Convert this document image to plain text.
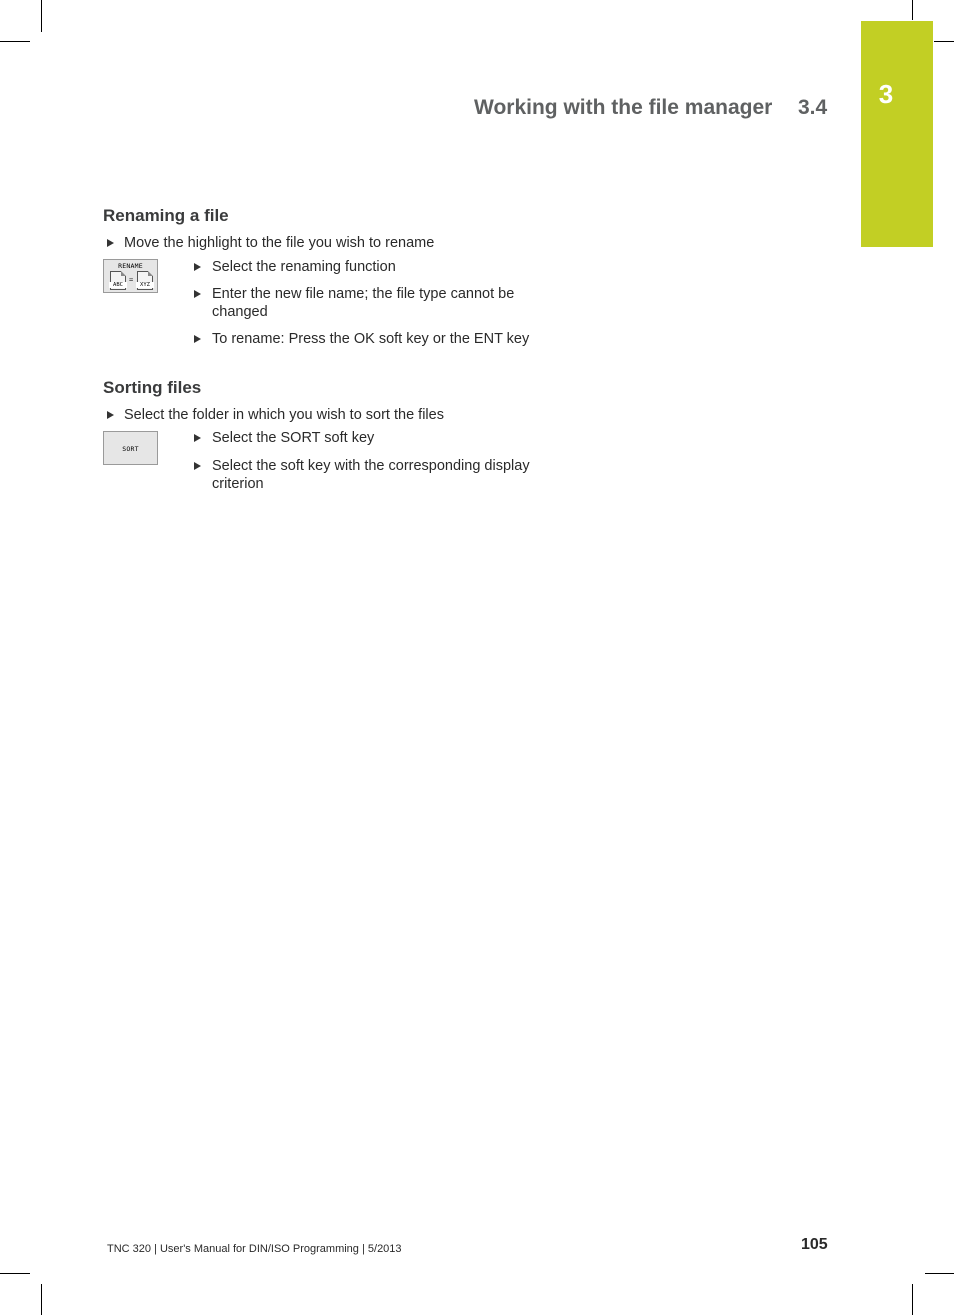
3
Working with the file manager 3.4
Renaming a file
Move the highlight to the file you wish to rename
RENAME
ABC
=
XYZ
Select the renaming function
Enter the new file name; the file type cannot be changed
To rename: Press the OK soft key or the ENT key
Sorting files
Select the folder in which you wish to sort the files
SORT
Select the SORT soft key
Select the soft key with the corresponding display criterion
TNC 320 | User's Manual for DIN/ISO Programming | 5/2013	105
